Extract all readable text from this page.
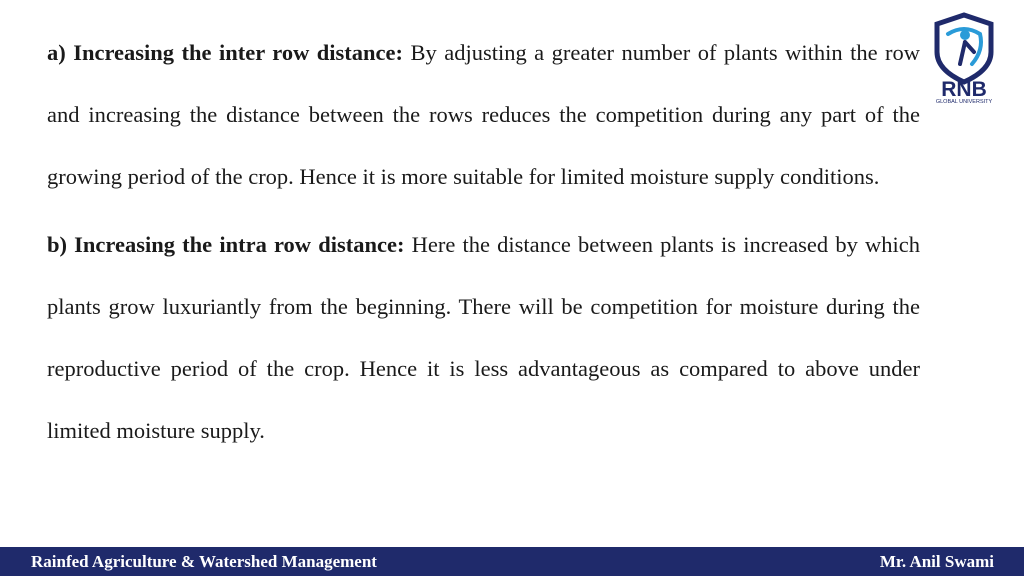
a) Increasing the inter row distance: By adjusting a greater number of plants within the row and increasing the distance between the rows reduces the competition during any part of the growing period of the crop. Hence it is more suitable for limited moisture supply conditions.

b) Increasing the intra row distance: Here the distance between plants is increased by which plants grow luxuriantly from the beginning. There will be competition for moisture during the reproductive period of the crop. Hence it is less advantageous as compared to above under limited moisture supply.

RNB
GLOBAL UNIVERSITY
Rainfed Agriculture & Watershed Management	Mr. Anil Swami
